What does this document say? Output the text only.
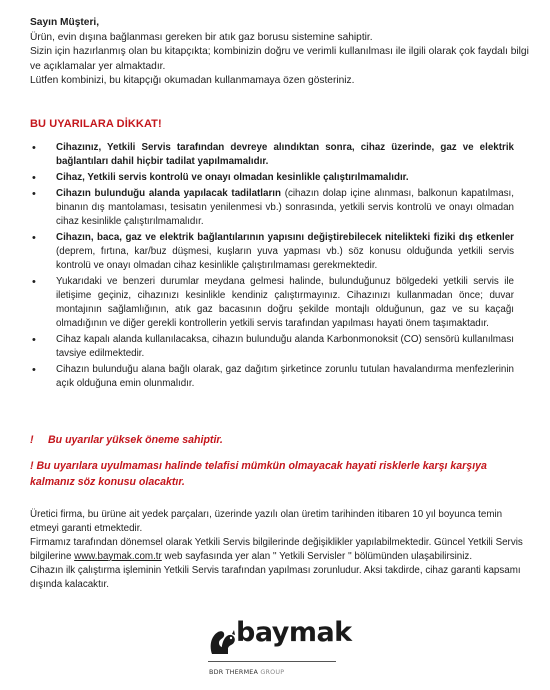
Sayın Müşteri,

Ürün, evin dışına bağlanması gereken bir atık gaz borusu sistemine sahiptir.

Sizin için hazırlanmış olan bu kitapçıkta; kombinizin doğru ve verimli kullanılması ile ilgili olarak çok faydalı bilgi ve açıklamalar yer almaktadır.

Lütfen kombinizi, bu kitapçığı okumadan kullanmamaya özen gösteriniz.

BU UYARILARA DİKKAT!
• Cihazınız, Yetkili Servis tarafından devreye alındıktan sonra, cihaz üzerinde, gaz ve elektrik bağlantıları dahil hiçbir tadilat yapılmamalıdır.
• Cihaz, Yetkili servis kontrolü ve onayı olmadan kesinlikle çalıştırılmamalıdır.
• Cihazın bulunduğu alanda yapılacak tadilatların (cihazın dolap içine alınması, balkonun kapatılması, binanın dış mantolaması, tesisatın yenilenmesi vb.) sonrasında, yetkili servis kontrolü ve onayı olmadan cihaz kesinlikle çalıştırılmamalıdır.
• Cihazın, baca, gaz ve elektrik bağlantılarının yapısını değiştirebilecek nitelikteki fiziki dış etkenler (deprem, fırtına, kar/buz düşmesi, kuşların yuva yapması vb.) söz konusu olduğunda yetkili servis kontrolü ve onayı olmadan cihaz kesinlikle çalıştırılmaması gerekmektedir.
• Yukarıdaki ve benzeri durumlar meydana gelmesi halinde, bulunduğunuz bölgedeki yetkili servis ile iletişime geçiniz, cihazınızı kesinlikle kendiniz çalıştırmayınız. Cihazınızı kullanmadan önce; duvar montajının sağlamlığının, atık gaz bacasının doğru şekilde montajlı olduğunun, gaz ve su kaçağı olmadığının ve diğer gerekli kontrollerin yetkili servis tarafından yapılması hayati önem taşımaktadır.
• Cihaz kapalı alanda kullanılacaksa, cihazın bulunduğu alanda Karbonmonoksit (CO) sensörü kullanılması tavsiye edilmektedir.
• Cihazın bulunduğu alana bağlı olarak, gaz dağıtım şirketince zorunlu tutulan havalandırma menfezlerinin açık olduğuna emin olunmalıdır.
! Bu uyarılar yüksek öneme sahiptir.
! Bu uyarılara uyulmaması halinde telafisi mümkün olmayacak hayati risklerle karşı karşıya kalmanız söz konusu olacaktır.

Üretici firma, bu ürüne ait yedek parçaları, üzerinde yazılı olan üretim tarihinden itibaren 10 yıl boyunca temin etmeyi garanti etmektedir.

Firmamız tarafından dönemsel olarak Yetkili Servis bilgilerinde değişiklikler yapılabilmektedir. Güncel Yetkili Servis bilgilerine www.baymak.com.tr web sayfasında yer alan '' Yetkili Servisler '' bölümünden ulaşabilirsiniz.

Cihazın ilk çalıştırma işleminin Yetkili Servis tarafından yapılması zorunludur. Aksi takdirde, cihaz garanti kapsamı dışında kalacaktır.

baymak
BDR THERMEA GROUP
